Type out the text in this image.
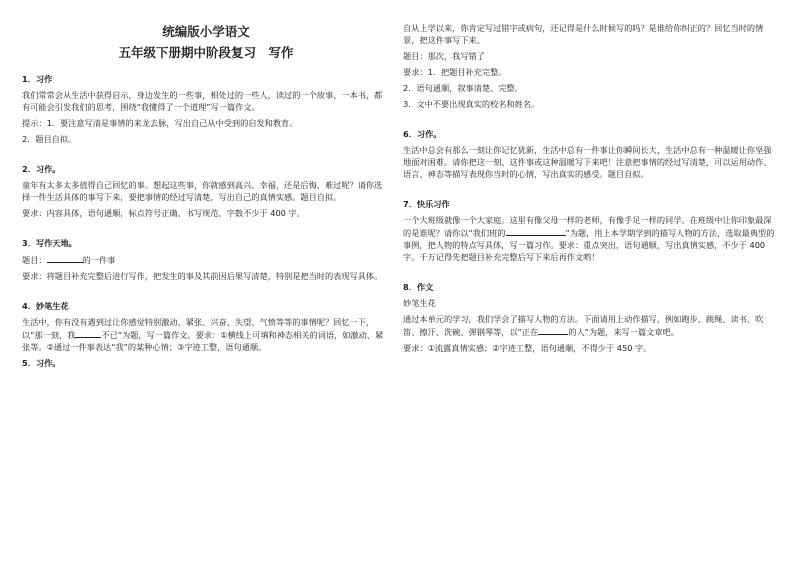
统编版小学语文
五年级下册期中阶段复习　写作
1．习作
我们常常会从生活中获得启示，身边发生的一些事，相处过的一些人，读过的一个故事、一本书，都有可能会引发我们的思考，围绕“我懂得了一个道理”写一篇作文。
提示：1．要注意写清是事情的来龙去脉，写出自己从中受到的启发和教育。
2．题目自拟。
2．习作。
童年有太多太多值得自己回忆的事。想起这些事，你就感到高兴、幸福，还是后悔、难过呢？请你选择一件生活具体的事写下来，要把事情的经过写清楚，写出自己的真情实感。题目自拟。
要求：内容具体，语句通顺，标点符号正确，书写规范，字数不少于 400 字。
3．写作天地。
题目：	的一件事
要求：将题目补充完整后进行写作，把发生的事及其前因后果写清楚，特别是把当时的表现写具体。
4．妙笔生花
生活中，你有没有遇到过让你感觉特别激动、紧张、兴奋、失望、气愤等等的事情呢？回忆一下，以“那一刻，我	不已”为题，写一篇作文。要求：①横线上可填和神态相关的词语，如激动、紧张等。②通过一件事表达“我”的某种心情；③字迹工整，语句通顺。
5．习作。
自从上学以来，你肯定写过错字或病句，还记得是什么时候写的吗？是谁给你纠正的？回忆当时的情景，把这件事写下来。
题目：那次，我写错了
要求：1．把题目补充完整。
2．语句通顺，叙事清楚、完整。
3．文中不要出现真实的校名和姓名。
6．习作。
生活中总会有那么一刻让你记忆犹新，生活中总有一件事让你瞬间长大，生活中总有一种温暖让你坚强地面对困难。请你把这一刻、这件事或这种温暖写下来吧！注意把事情的经过写清楚，可以运用动作、语言、神态等描写表现你当时的心情，写出真实的感受。题目自拟。
7．快乐习作
一个大班级就像一个大家庭。这里有像父母一样的老师，有像手足一样的同学。在班级中让你印象最深的是谁呢？请你以“我们班的	”为题，用上本学期学到的描写人物的方法，选取最典型的事例，把人物的特点写具体，写一篇习作。要求：重点突出，语句通顺，写出真情实感，不少于 400 字。千万记得先把题目补充完整后写下来后再作文哟！
8．作文
妙笔生花
通过本单元的学习，我们学会了描写人物的方法。下面请用上动作描写，例如跑步、跳绳、读书、吹笛、擦汗、洗碗、弹钢琴等，以“正在	的人”为题，来写一篇文章吧。
要求：①流露真情实感；②字迹工整，语句通顺，不得少于 450 字。
